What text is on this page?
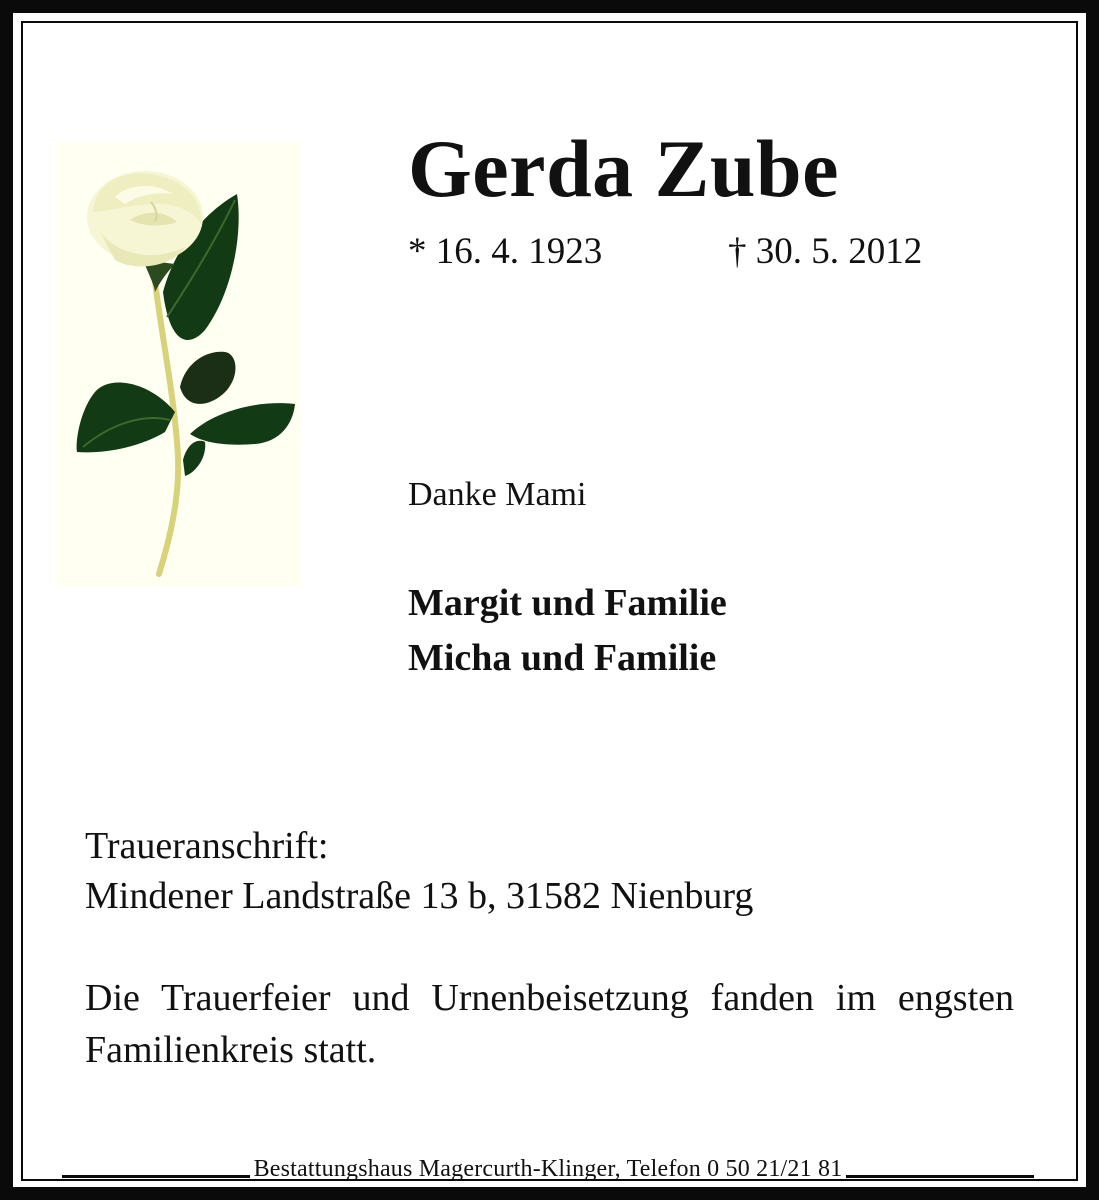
Gerda Zube
* 16. 4. 1923	† 30. 5. 2012
Danke Mami
Margit und Familie
Micha und Familie
Traueranschrift:
Mindener Landstraße 13 b, 31582 Nienburg
Die Trauerfeier und Urnenbeisetzung fanden im engsten Familienkreis statt.
Bestattungshaus Magercurth-Klinger, Telefon 0 50 21/21 81
